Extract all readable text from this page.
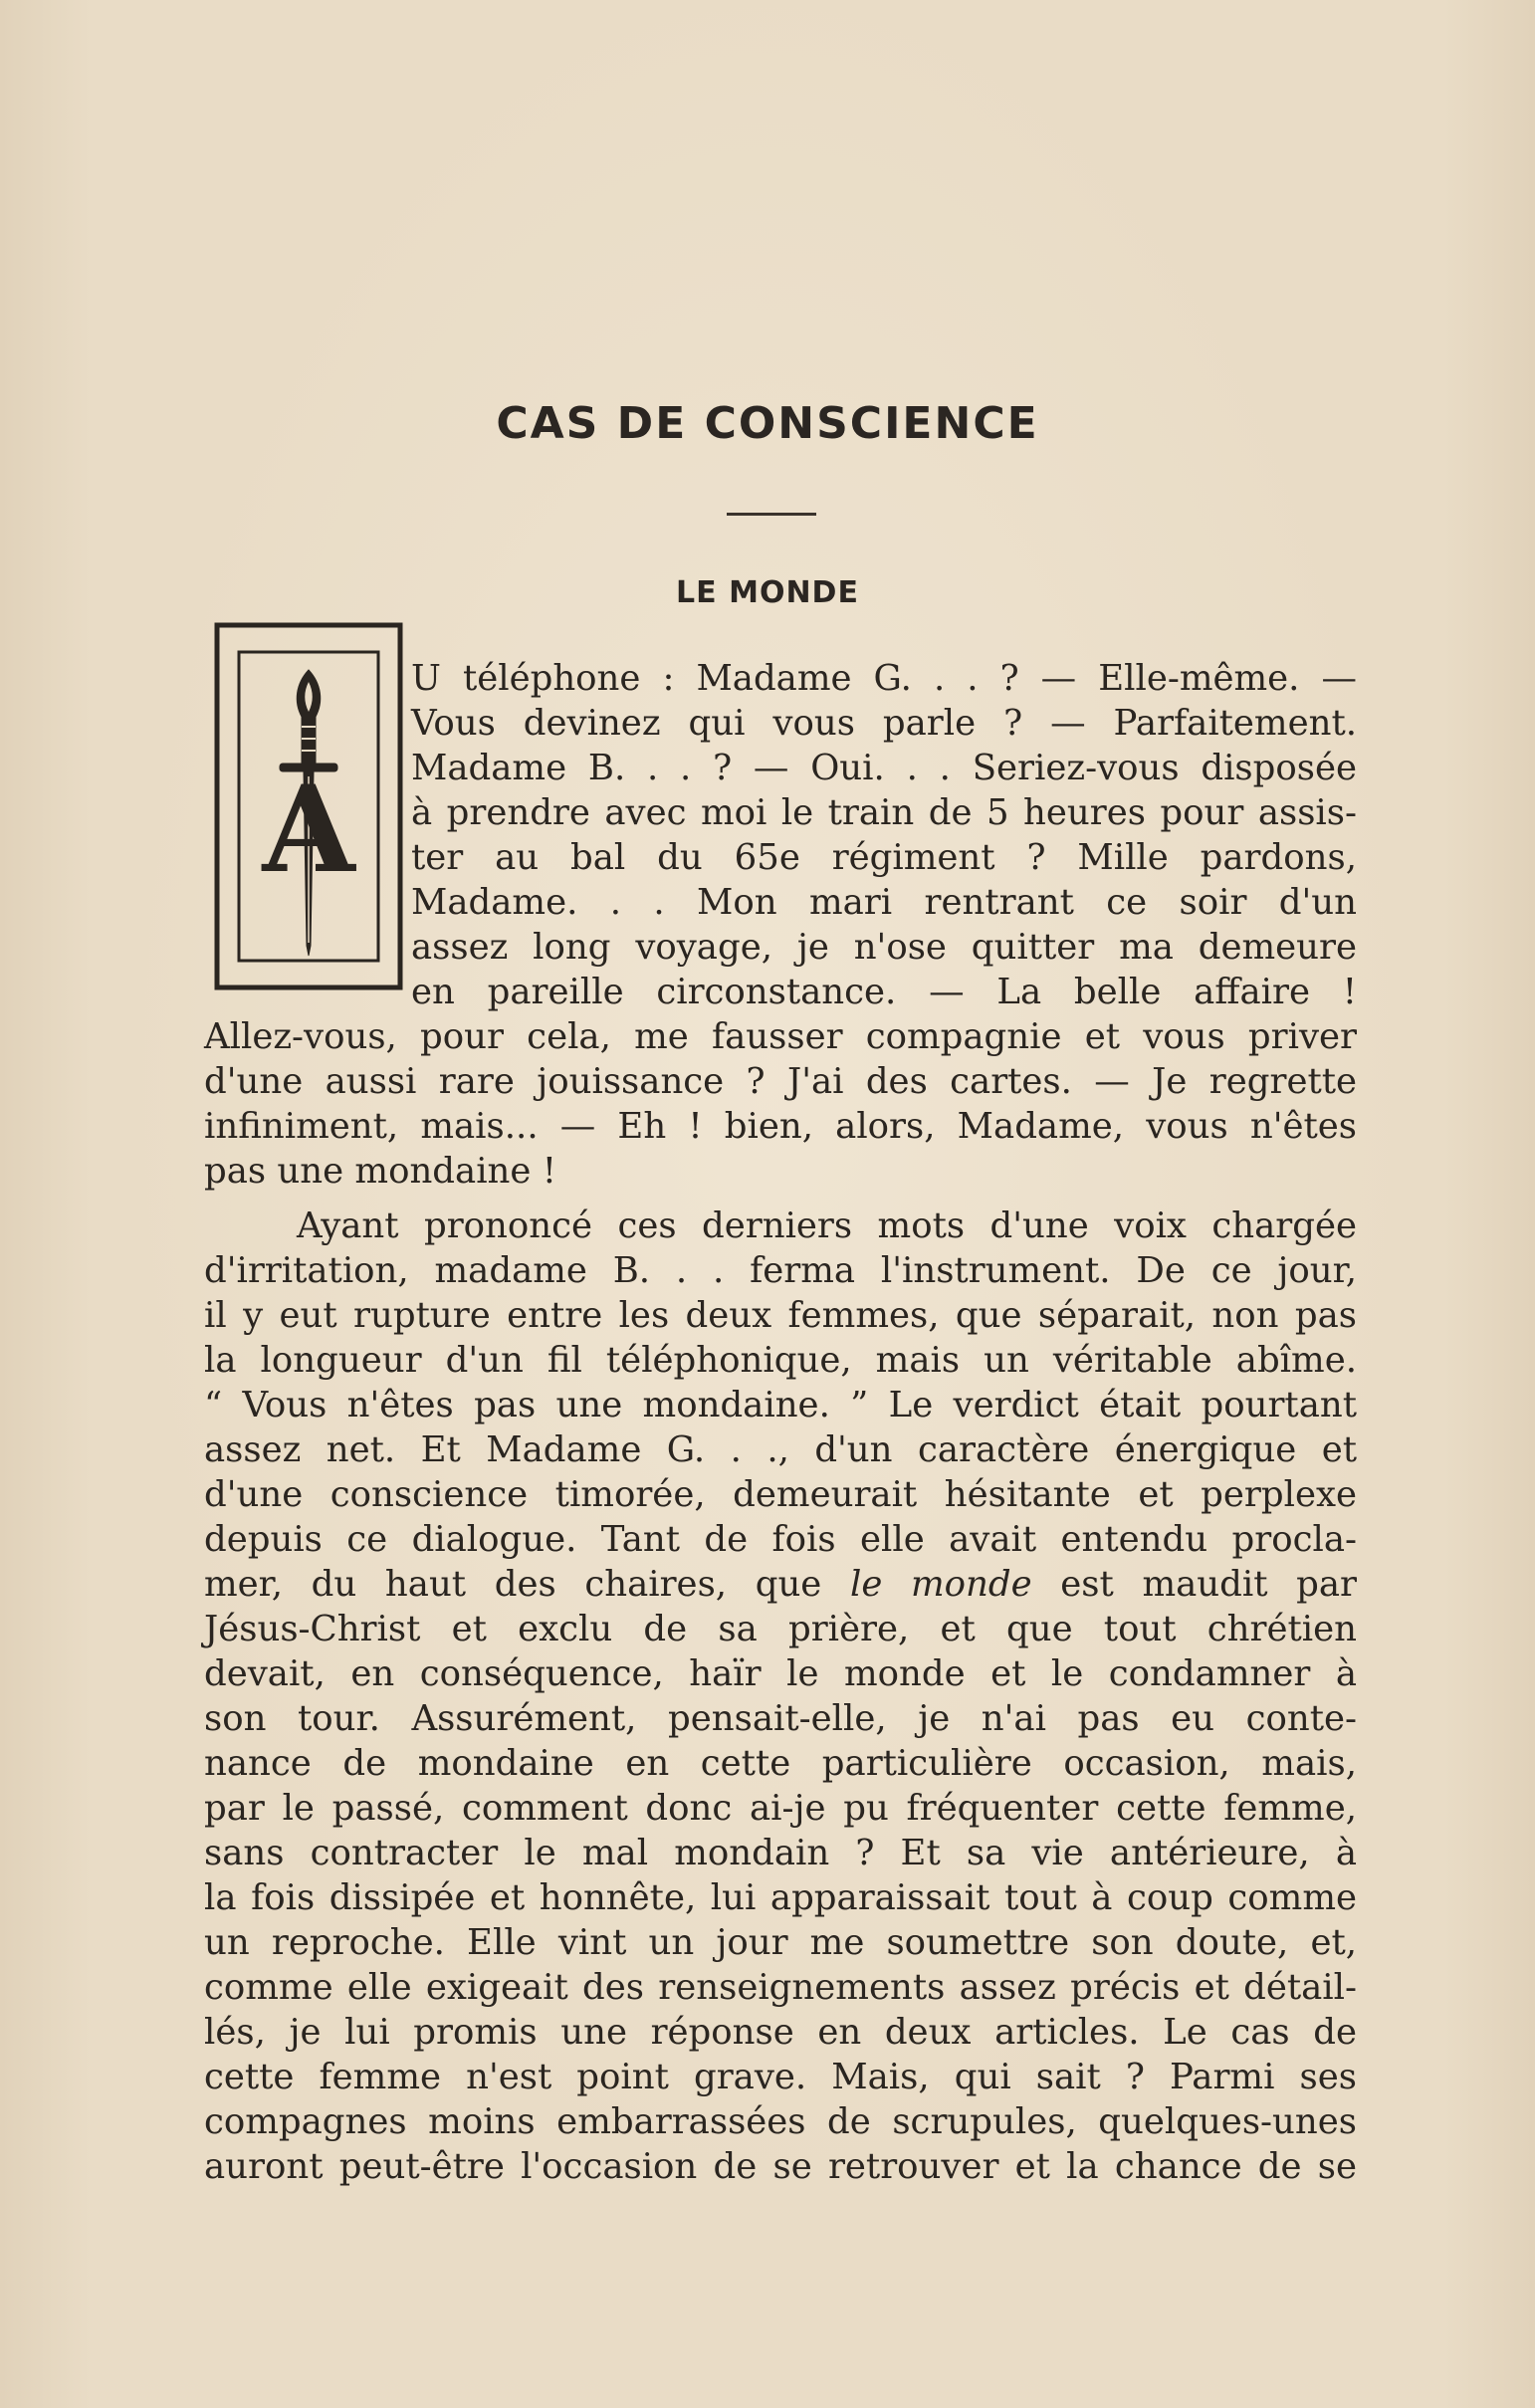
CAS DE CONSCIENCE
LE MONDE
A
U téléphone : Madame G. . . ? — Elle-même. —
Vous devinez qui vous parle ? — Parfaitement.
Madame B. . . ? — Oui. . . Seriez-vous disposée
à prendre avec moi le train de 5 heures pour assis-
ter au bal du 65e régiment ? Mille pardons,
Madame. . . Mon mari rentrant ce soir d'un
assez long voyage, je n'ose quitter ma demeure
en pareille circonstance. — La belle affaire !
Allez-vous, pour cela, me fausser compagnie et vous priver
d'une aussi rare jouissance ? J'ai des cartes. — Je regrette
infiniment, mais... — Eh ! bien, alors, Madame, vous n'êtes
pas une mondaine !
Ayant prononcé ces derniers mots d'une voix chargée
d'irritation, madame B. . . ferma l'instrument. De ce jour,
il y eut rupture entre les deux femmes, que séparait, non pas
la longueur d'un fil téléphonique, mais un véritable abîme.
“ Vous n'êtes pas une mondaine. ” Le verdict était pourtant
assez net. Et Madame G. . ., d'un caractère énergique et
d'une conscience timorée, demeurait hésitante et perplexe
depuis ce dialogue. Tant de fois elle avait entendu procla-
mer, du haut des chaires, que le monde est maudit par
Jésus-Christ et exclu de sa prière, et que tout chrétien
devait, en conséquence, haïr le monde et le condamner à
son tour. Assurément, pensait-elle, je n'ai pas eu conte-
nance de mondaine en cette particulière occasion, mais,
par le passé, comment donc ai-je pu fréquenter cette femme,
sans contracter le mal mondain ? Et sa vie antérieure, à
la fois dissipée et honnête, lui apparaissait tout à coup comme
un reproche. Elle vint un jour me soumettre son doute, et,
comme elle exigeait des renseignements assez précis et détail-
lés, je lui promis une réponse en deux articles. Le cas de
cette femme n'est point grave. Mais, qui sait ? Parmi ses
compagnes moins embarrassées de scrupules, quelques-unes
auront peut-être l'occasion de se retrouver et la chance de se
